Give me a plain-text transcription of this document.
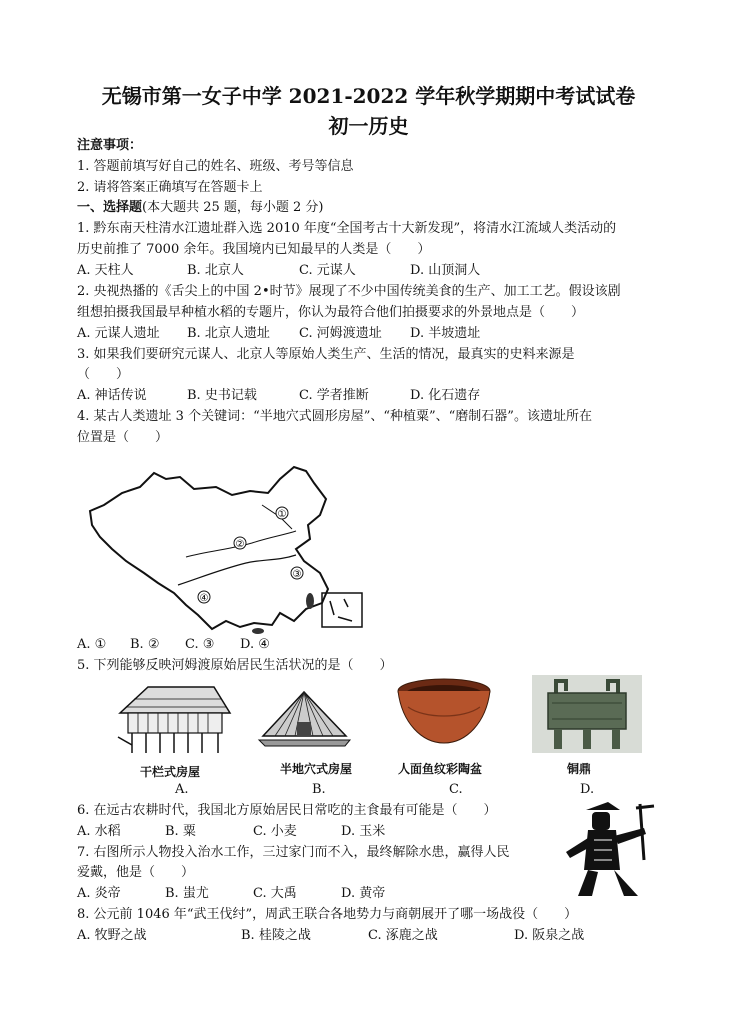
无锡市第一女子中学 2021-2022 学年秋学期期中考试试卷
初一历史
注意事项：
1. 答题前填写好自己的姓名、班级、考号等信息
2. 请将答案正确填写在答题卡上
一、选择题(本大题共 25 题，每小题 2 分)
1. 黔东南天柱清水江遗址群入选 2010 年度“全国考古十大新发现”，将清水江流域人类活动的
历史前推了 7000 余年。我国境内已知最早的人类是（　　）
A. 天柱人	B. 北京人	C. 元谋人	D. 山顶洞人
2. 央视热播的《舌尖上的中国 2•时节》展现了不少中国传统美食的生产、加工工艺。假设该剧
组想拍摄我国最早种植水稻的专题片，你认为最符合他们拍摄要求的外景地点是（　　）
A. 元谋人遗址 B. 北京人遗址 C. 河姆渡遗址 D. 半坡遗址
3. 如果我们要研究元谋人、北京人等原始人类生产、生活的情况，最真实的史料来源是
（　　）
A. 神话传说	B. 史书记载	C. 学者推断	D. 化石遗存
4. 某古人类遗址 3 个关键词：“半地穴式圆形房屋”、“种植粟”、“磨制石器”。该遗址所在
位置是（　　）
①
②
③
④
A. ① B. ② C. ③ D. ④
5. 下列能够反映河姆渡原始居民生活状况的是（　　）
干栏式房屋	半地穴式房屋	人面鱼纹彩陶盆	铜鼎
A.	B.	C.	D.
6. 在远古农耕时代，我国北方原始居民日常吃的主食最有可能是（　　）
A. 水稻	B. 粟	C. 小麦	D. 玉米
7. 右图所示人物投入治水工作，三过家门而不入，最终解除水患，赢得人民
爱戴，他是（　　）
A. 炎帝	B. 蚩尤	C. 大禹	D. 黄帝
8. 公元前 1046 年“武王伐纣”，周武王联合各地势力与商朝展开了哪一场战役（　　）
A. 牧野之战	B. 桂陵之战	C. 涿鹿之战	D. 阪泉之战
